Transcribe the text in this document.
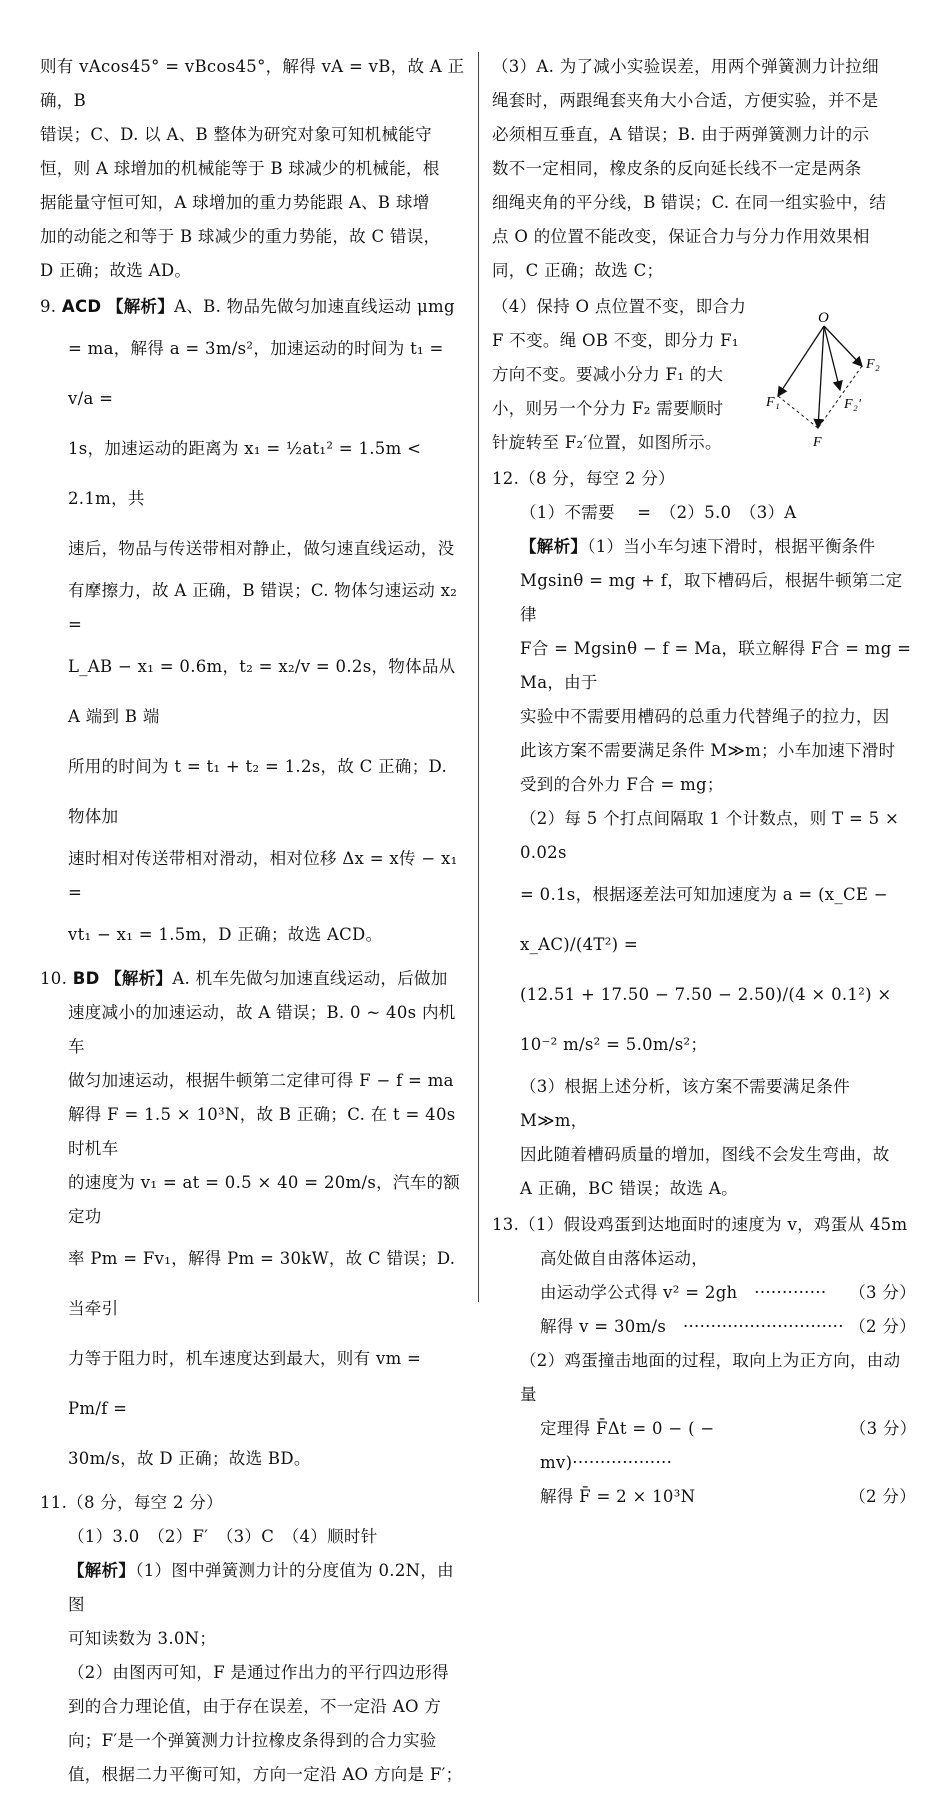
则有 vAcos45° = vBcos45°，解得 vA = vB，故 A 正确，B

错误；C、D. 以 A、B 整体为研究对象可知机械能守

恒，则 A 球增加的机械能等于 B 球减少的机械能，根

据能量守恒可知，A 球增加的重力势能跟 A、B 球增

加的动能之和等于 B 球减少的重力势能，故 C 错误，

D 正确；故选 AD。

9. ACD 【解析】A、B. 物品先做匀加速直线运动 μmg

= ma，解得 a = 3m/s²，加速运动的时间为 t₁ = v/a =

1s，加速运动的距离为 x₁ = ½at₁² = 1.5m < 2.1m，共

速后，物品与传送带相对静止，做匀速直线运动，没

有摩擦力，故 A 正确，B 错误；C. 物体匀速运动 x₂ =

L_AB − x₁ = 0.6m，t₂ = x₂/v = 0.2s，物体品从 A 端到 B 端

所用的时间为 t = t₁ + t₂ = 1.2s，故 C 正确；D. 物体加

速时相对传送带相对滑动，相对位移 Δx = x传 − x₁ =

vt₁ − x₁ = 1.5m，D 正确；故选 ACD。

10. BD 【解析】A. 机车先做匀加速直线运动，后做加

速度减小的加速运动，故 A 错误；B. 0 ~ 40s 内机车

做匀加速运动，根据牛顿第二定律可得 F − f = ma

解得 F = 1.5 × 10³N，故 B 正确；C. 在 t = 40s 时机车

的速度为 v₁ = at = 0.5 × 40 = 20m/s，汽车的额定功

率 Pm = Fv₁，解得 Pm = 30kW，故 C 错误；D. 当牵引

力等于阻力时，机车速度达到最大，则有 vm = Pm/f =

30m/s，故 D 正确；故选 BD。

11.（8 分，每空 2 分）

（1）3.0　（2）F′　（3）C　（4）顺时针

【解析】（1）图中弹簧测力计的分度值为 0.2N，由图

可知读数为 3.0N；

（2）由图丙可知，F 是通过作出力的平行四边形得

到的合力理论值，由于存在误差，不一定沿 AO 方

向；F′是一个弹簧测力计拉橡皮条得到的合力实验

值，根据二力平衡可知，方向一定沿 AO 方向是 F′；

（3）A. 为了减小实验误差，用两个弹簧测力计拉细

绳套时，两跟绳套夹角大小合适，方便实验，并不是

必须相互垂直，A 错误；B. 由于两弹簧测力计的示

数不一定相同，橡皮条的反向延长线不一定是两条

细绳夹角的平分线，B 错误；C. 在同一组实验中，结

点 O 的位置不能改变，保证合力与分力作用效果相

同，C 正确；故选 C；

（4）保持 O 点位置不变，即合力

F 不变。绳 OB 不变，即分力 F₁

方向不变。要减小分力 F₁ 的大

小，则另一个分力 F₂ 需要顺时

针旋转至 F₂′位置，如图所示。

O
F₁
F₂
F₂′
F

12.（8 分，每空 2 分）

（1）不需要　 =　（2）5.0　（3）A

【解析】（1）当小车匀速下滑时，根据平衡条件

Mgsinθ = mg + f，取下槽码后，根据牛顿第二定律

F合 = Mgsinθ − f = Ma，联立解得 F合 = mg = Ma，由于

实验中不需要用槽码的总重力代替绳子的拉力，因

此该方案不需要满足条件 M≫m；小车加速下滑时

受到的合外力 F合 = mg；

（2）每 5 个打点间隔取 1 个计数点，则 T = 5 × 0.02s

= 0.1s，根据逐差法可知加速度为 a = (x_CE − x_AC)/(4T²) =

(12.51 + 17.50 − 7.50 − 2.50)/(4 × 0.1²) × 10⁻² m/s² = 5.0m/s²；

（3）根据上述分析，该方案不需要满足条件 M≫m，

因此随着槽码质量的增加，图线不会发生弯曲，故

A 正确，BC 错误；故选 A。

13.（1）假设鸡蛋到达地面时的速度为 v，鸡蛋从 45m

高处做自由落体运动，

由运动学公式得 v² = 2gh　············· （3 分）
解得 v = 30m/s　····························· （2 分）

（2）鸡蛋撞击地面的过程，取向上为正方向，由动量

定理得 F̄Δt = 0 − ( − mv)··················
（3 分）
解得 F̄ = 2 × 10³N	（2 分）
